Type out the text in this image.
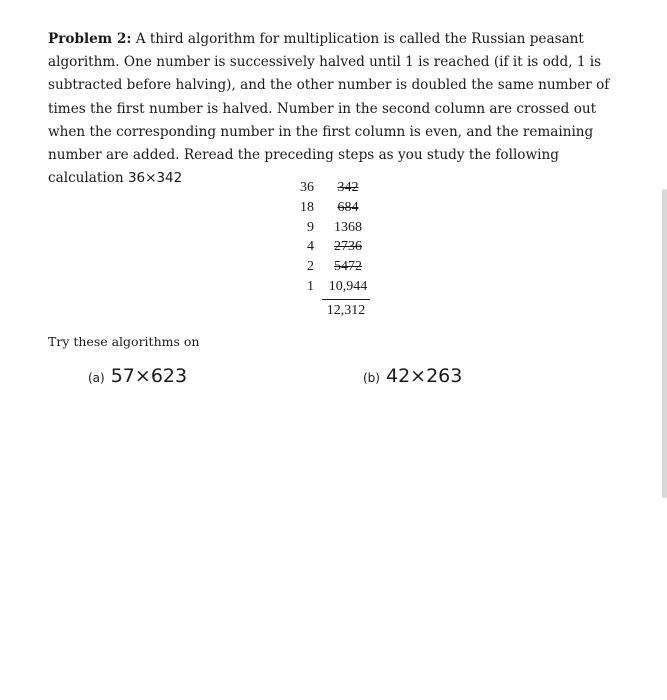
Problem 2: A third algorithm for multiplication is called the Russian peasant algorithm. One number is successively halved until 1 is reached (if it is odd, 1 is subtracted before halving), and the other number is doubled the same number of times the first number is halved. Number in the second column are crossed out when the corresponding number in the first column is even, and the remaining number are added. Reread the preceding steps as you study the following calculation 36×342
36	342
18	684
9	1368
4	2736
2	5472
1	10,944
12,312
Try these algorithms on
(a) 57×623	(b) 42×263
